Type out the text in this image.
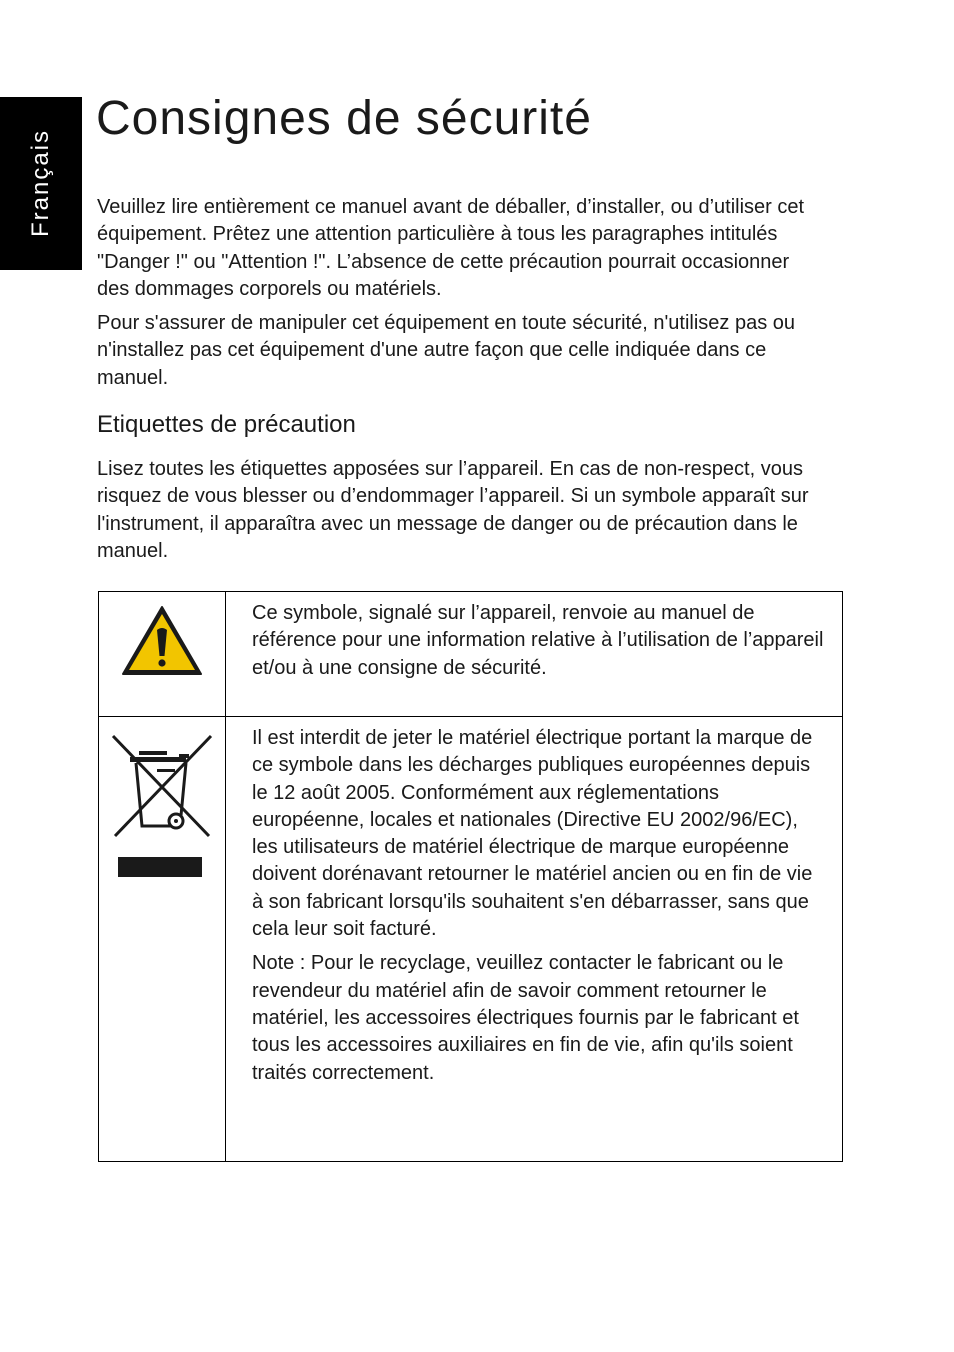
Français
Consignes de sécurité

Veuillez lire entièrement ce manuel avant de déballer, d’installer, ou d’utiliser cet équipement. Prêtez une attention particulière à tous les paragraphes intitulés "Danger !" ou "Attention !". L’absence de cette précaution pourrait occasionner des dommages corporels ou matériels.

Pour s'assurer de manipuler cet équipement en toute sécurité, n'utilisez pas ou n'installez pas cet équipement d'une autre façon que celle indiquée dans ce manuel.

Etiquettes de précaution

Lisez toutes les étiquettes apposées sur l’appareil. En cas de non-respect, vous risquez de vous blesser ou d’endommager l’appareil. Si un symbole apparaît sur l'instrument, il apparaîtra avec un message de danger ou de précaution dans le manuel.

Ce symbole, signalé sur l’appareil, renvoie au manuel de référence pour une information relative à l’utilisation de l’appareil et/ou à une consigne de sécurité.

Il est interdit de jeter le matériel électrique portant la marque de ce symbole dans les décharges publiques européennes depuis le 12 août 2005. Conformément aux réglementations européenne, locales et nationales (Directive EU 2002/96/EC), les utilisateurs de matériel électrique de marque européenne doivent dorénavant retourner le matériel ancien ou en fin de vie à son fabricant lorsqu'ils souhaitent s'en débarrasser, sans que cela leur soit facturé.

Note : Pour le recyclage, veuillez contacter le fabricant ou le revendeur du matériel afin de savoir comment retourner le matériel, les accessoires électriques fournis par le fabricant et tous les accessoires auxiliaires en fin de vie, afin qu'ils soient traités correctement.
